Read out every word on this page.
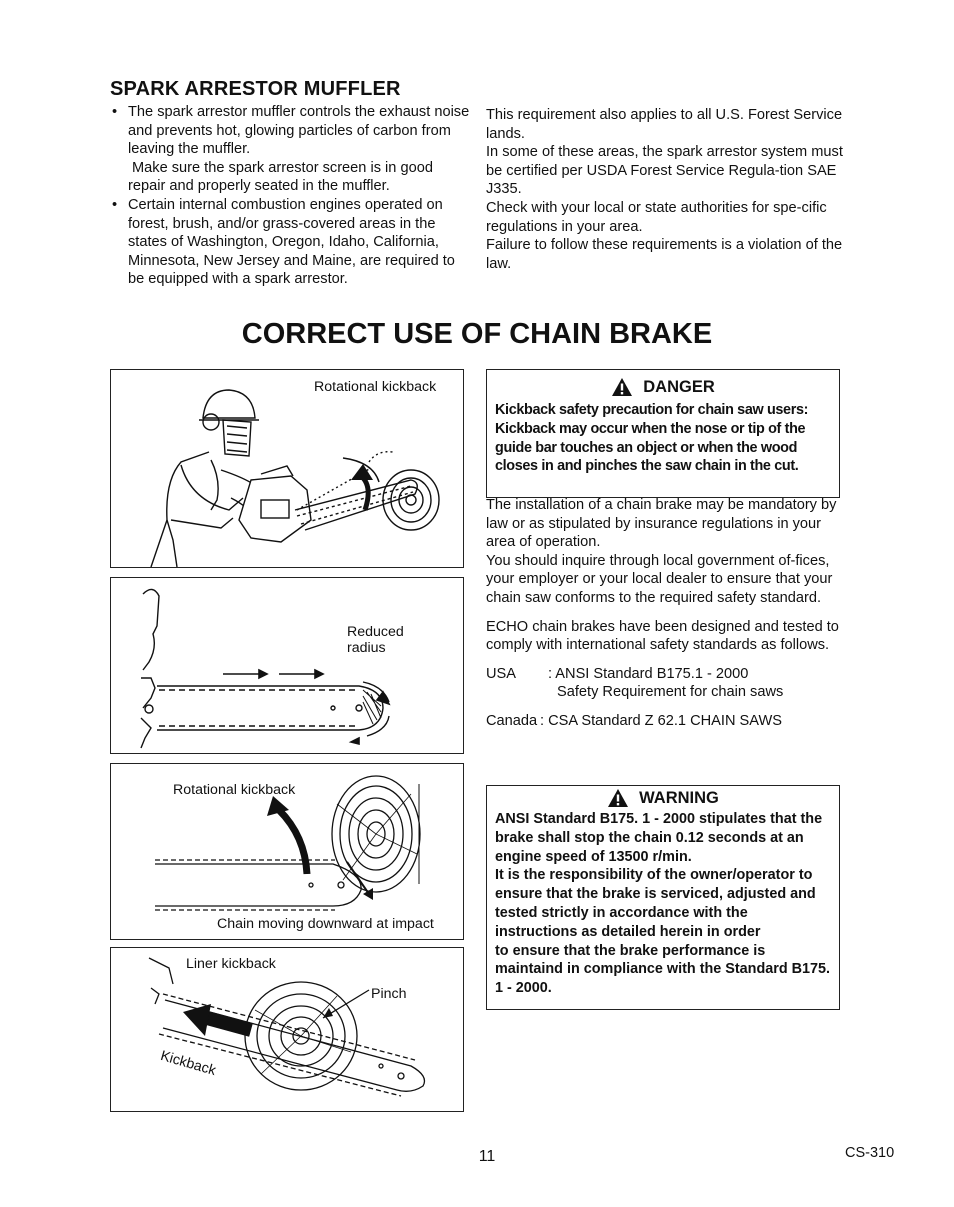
SPARK ARRESTOR MUFFLER
• The spark arrestor muffler controls the exhaust noise and prevents hot, glowing particles of carbon from leaving the muffler.
Make sure the spark arrestor screen is in good repair and properly seated in the muffler.
• Certain internal combustion engines operated on forest, brush, and/or grass-covered areas in the states of Washington, Oregon, Idaho, California, Minnesota, New Jersey and Maine, are required to be equipped with a spark arrestor.

This requirement also applies to all U.S. Forest Service lands.

In some of these areas, the spark arrestor system must be certified per USDA Forest Service Regula-tion SAE J335.

Check with your local or state authorities for spe-cific regulations in your area.

Failure to follow these requirements is a violation of the law.

CORRECT USE OF CHAIN BRAKE
Rotational kickback
Reduced radius
Rotational kickback
Chain moving downward at impact
Liner kickback
Pinch
Kickback
DANGER
Kickback safety precaution for chain saw users: Kickback may occur when the nose or tip of the guide bar touches an object or when the wood closes in and pinches the saw chain in the cut.

The installation of a chain brake may be mandatory by law or as stipulated by insurance regulations in your area of operation.

You should inquire through local government of-fices, your employer or your local dealer to ensure that your chain saw conforms to the required safety standard.

ECHO chain brakes have been designed and tested to comply with international safety standards as follows.

USA	: ANSI Standard B175.1 - 2000
Safety Requirement for chain saws
Canada : CSA Standard Z 62.1 CHAIN SAWS
WARNING
ANSI Standard B175. 1 - 2000 stipulates that the brake shall stop the chain 0.12 seconds at an engine speed of 13500 r/min.
It is the responsibility of the owner/operator to ensure that the brake is serviced, adjusted and tested strictly in accordance with the instructions as detailed herein in order
to ensure that the brake performance is maintaind in compliance with the Standard B175. 1 - 2000.
11	CS-310
